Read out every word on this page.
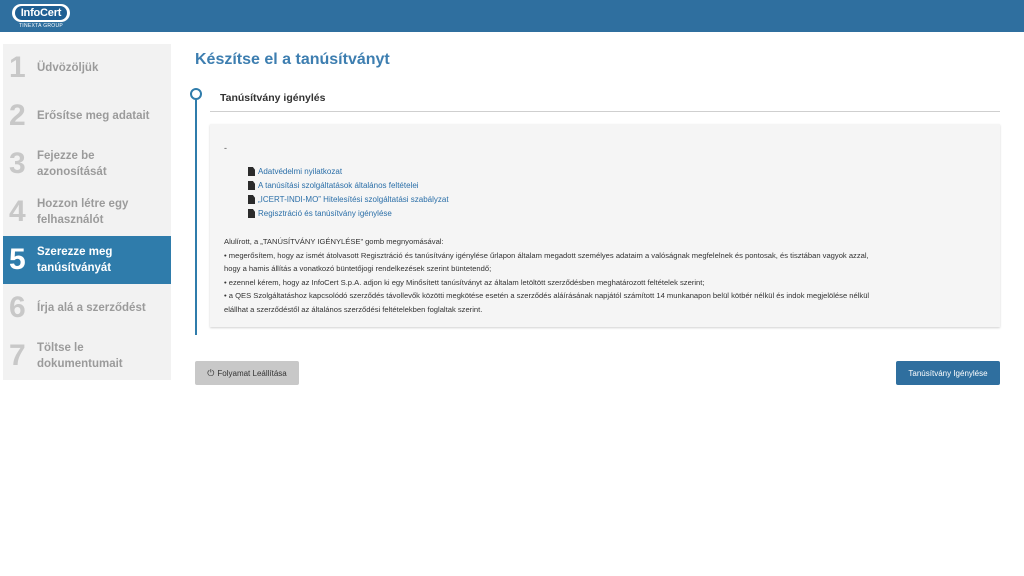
InfoCert
TINEXTA GROUP
1 Üdvözöljük
2 Erősítse meg adatait
3 Fejezze be azonosítását
4 Hozzon létre egy felhasználót
5 Szerezze meg tanúsítványát
6 Írja alá a szerződést
7 Töltse le dokumentumait
Készítse el a tanúsítványt
Tanúsítvány igénylés
-
Adatvédelmi nyilatkozat
A tanúsítási szolgáltatások általános feltételei
„ICERT-INDI-MO” Hitelesítési szolgáltatási szabályzat
Regisztráció és tanúsítvány igénylése
Alulírott, a „TANÚSÍTVÁNY IGÉNYLÉSE” gomb megnyomásával:
• megerősítem, hogy az ismét átolvasott Regisztráció és tanúsítvány igénylése űrlapon általam megadott személyes adataim a valóságnak megfelelnek és pontosak, és tisztában vagyok azzal,
hogy a hamis állítás a vonatkozó büntetőjogi rendelkezések szerint büntetendő;
• ezennel kérem, hogy az InfoCert S.p.A. adjon ki egy Minősített tanúsítványt az általam letöltött szerződésben meghatározott feltételek szerint;
• a QES Szolgáltatáshoz kapcsolódó szerződés távollevők közötti megkötése esetén a szerződés aláírásának napjától számított 14 munkanapon belül kötbér nélkül és indok megjelölése nélkül
elállhat a szerződéstől az általános szerződési feltételekben foglaltak szerint.
⏻ Folyamat Leállítása	Tanúsítvány Igénylése
